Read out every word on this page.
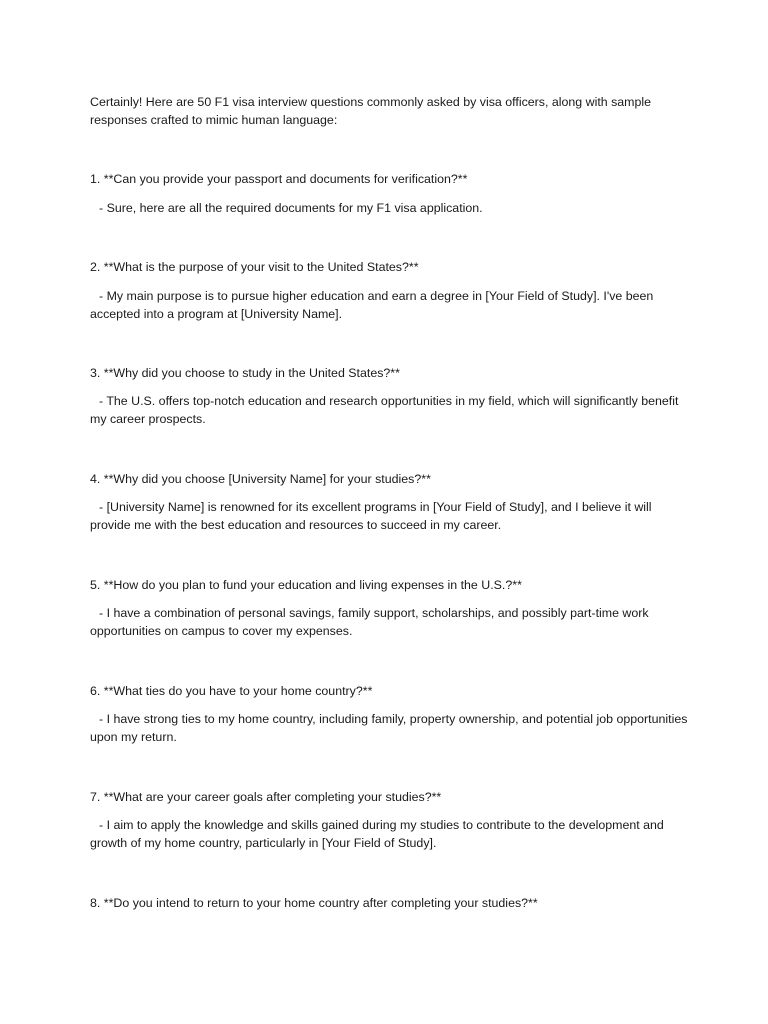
Certainly! Here are 50 F1 visa interview questions commonly asked by visa officers, along with sample responses crafted to mimic human language:

1. **Can you provide your passport and documents for verification?**

- Sure, here are all the required documents for my F1 visa application.

2. **What is the purpose of your visit to the United States?**

- My main purpose is to pursue higher education and earn a degree in [Your Field of Study]. I've been accepted into a program at [University Name].

3. **Why did you choose to study in the United States?**

- The U.S. offers top-notch education and research opportunities in my field, which will significantly benefit my career prospects.

4. **Why did you choose [University Name] for your studies?**

- [University Name] is renowned for its excellent programs in [Your Field of Study], and I believe it will provide me with the best education and resources to succeed in my career.

5. **How do you plan to fund your education and living expenses in the U.S.?**

- I have a combination of personal savings, family support, scholarships, and possibly part-time work opportunities on campus to cover my expenses.

6. **What ties do you have to your home country?**

- I have strong ties to my home country, including family, property ownership, and potential job opportunities upon my return.

7. **What are your career goals after completing your studies?**

- I aim to apply the knowledge and skills gained during my studies to contribute to the development and growth of my home country, particularly in [Your Field of Study].

8. **Do you intend to return to your home country after completing your studies?**
